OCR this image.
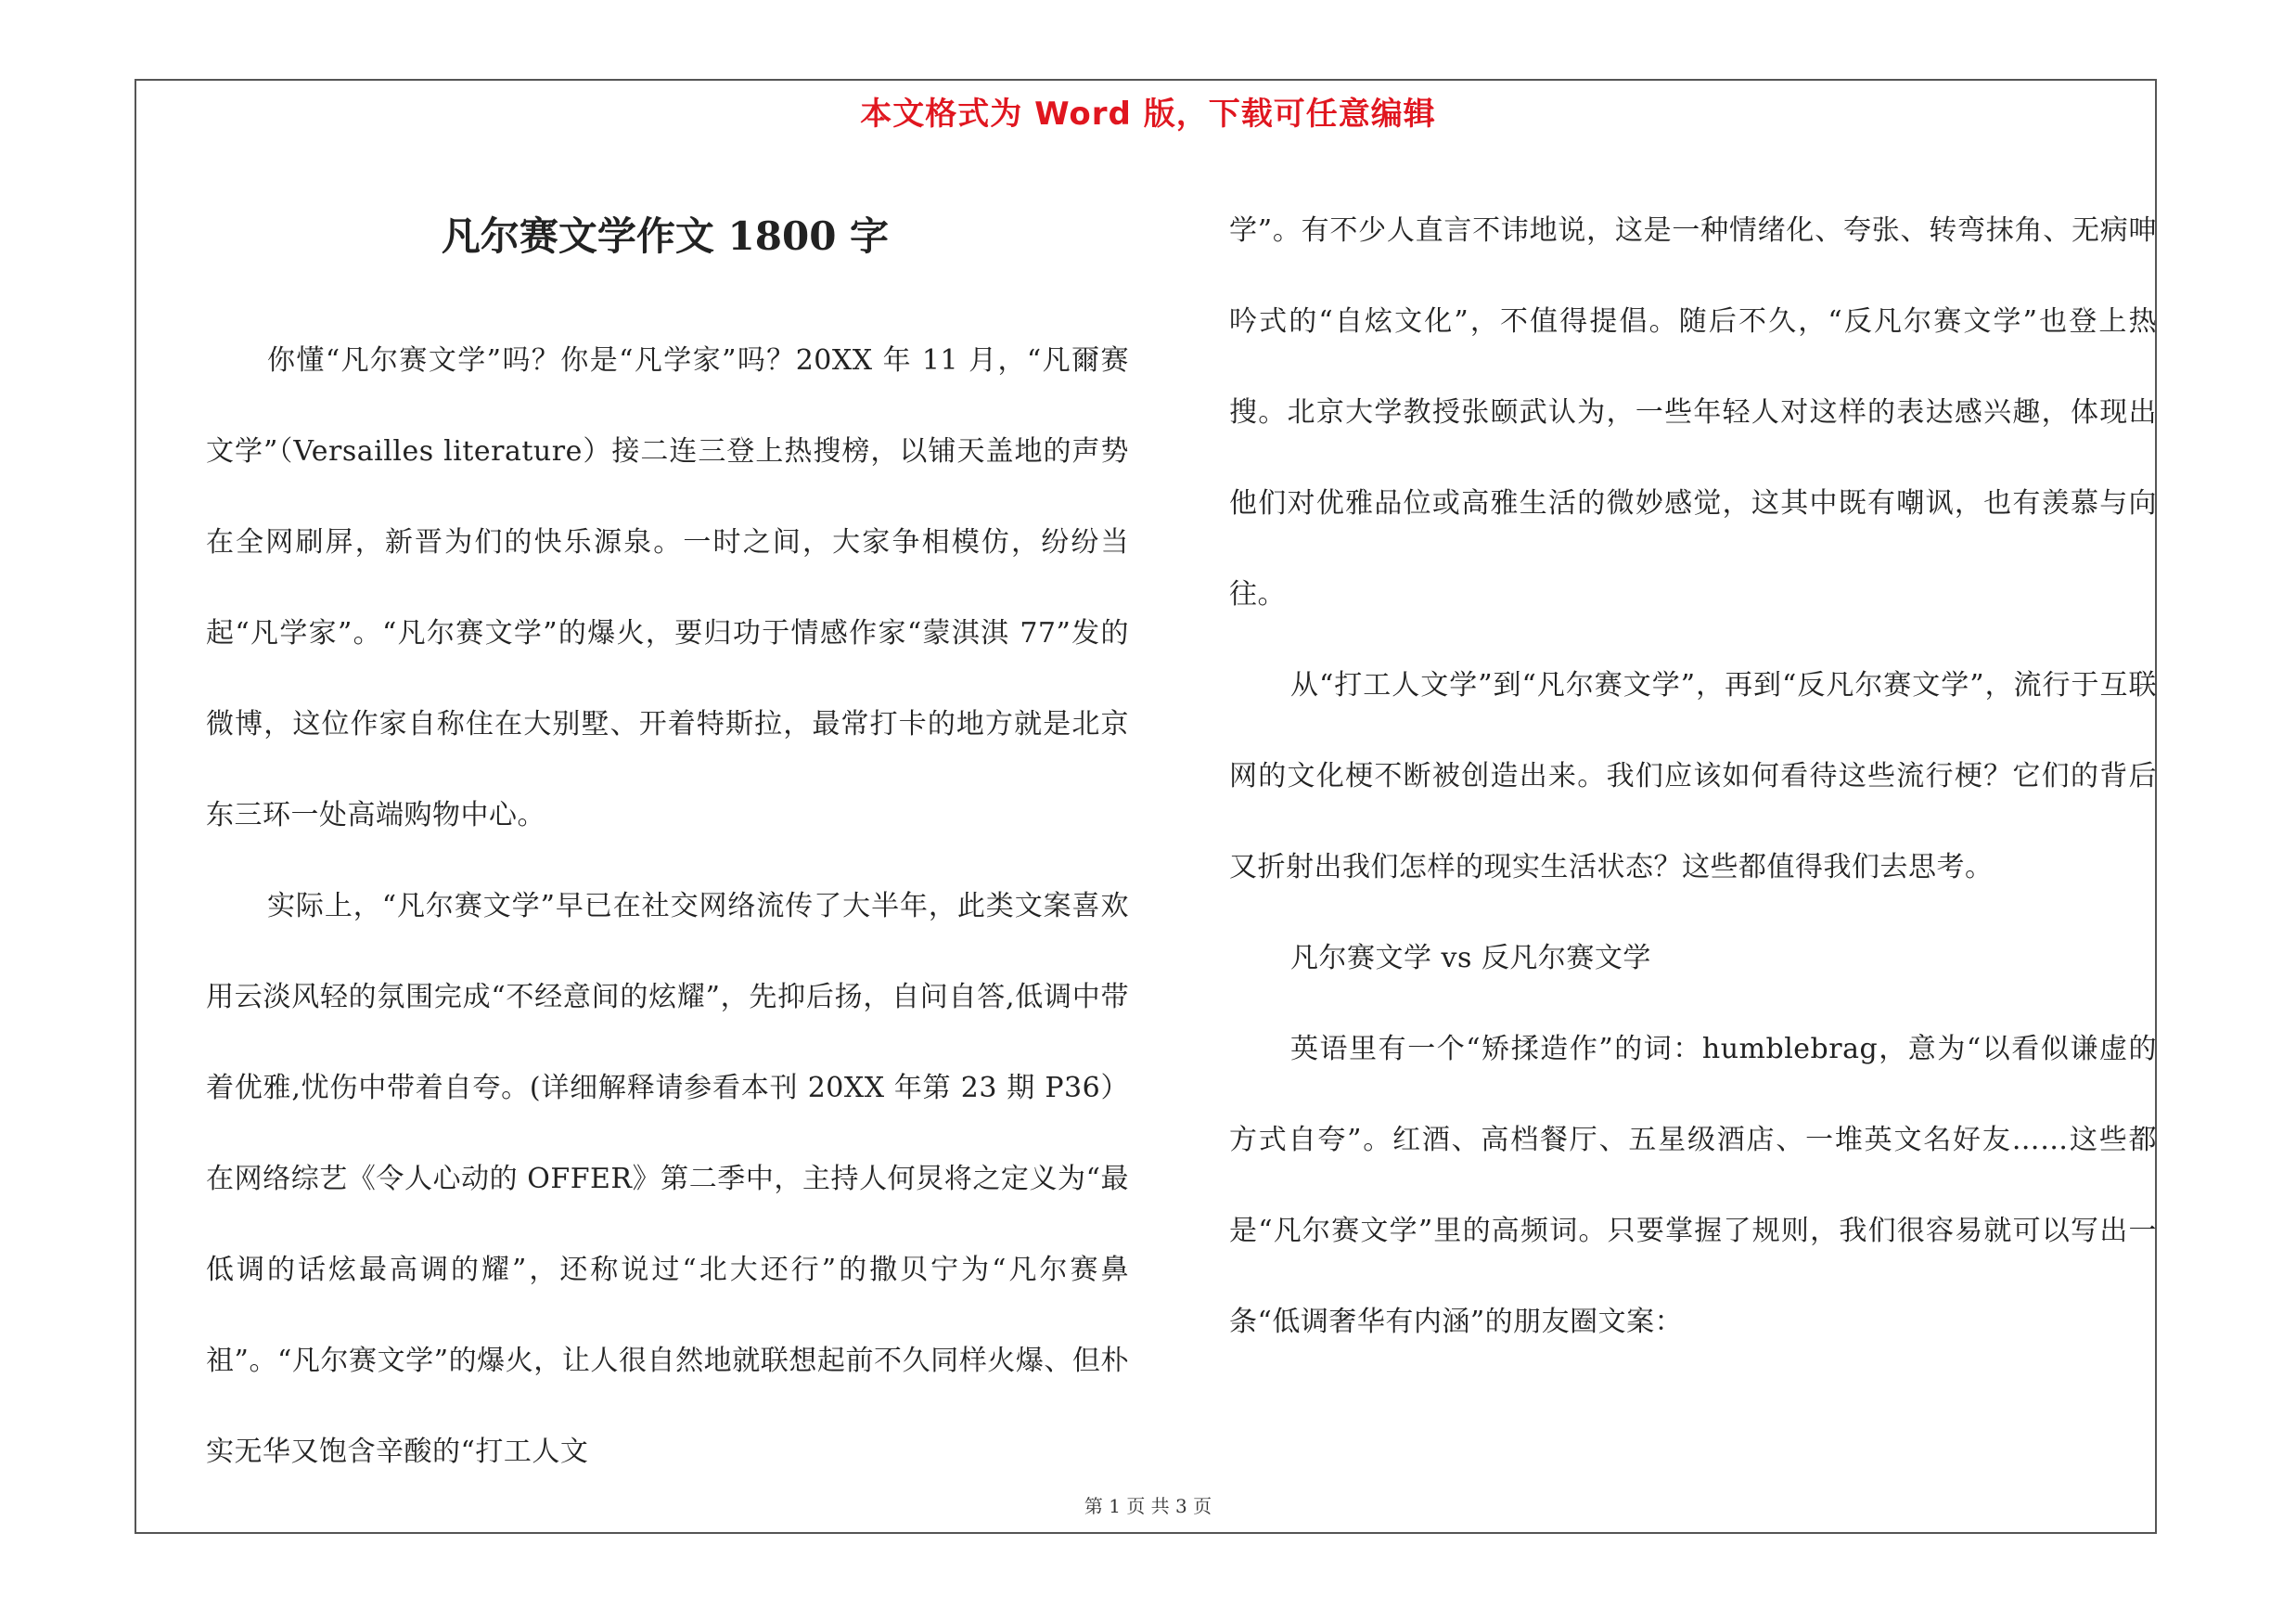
本文格式为 Word 版，下载可任意编辑
凡尔赛文学作文 1800 字

你懂“凡尔赛文学”吗？你是“凡学家”吗？20XX 年 11 月，“凡爾赛文学”（Versailles literature）接二连三登上热搜榜，以铺天盖地的声势在全网刷屏，新晋为们的快乐源泉。一时之间，大家争相模仿，纷纷当起“凡学家”。“凡尔赛文学”的爆火，要归功于情感作家“蒙淇淇 77”发的微博，这位作家自称住在大别墅、开着特斯拉，最常打卡的地方就是北京东三环一处高端购物中心。

实际上，“凡尔赛文学”早已在社交网络流传了大半年，此类文案喜欢用云淡风轻的氛围完成“不经意间的炫耀”，先抑后扬，自问自答,低调中带着优雅,忧伤中带着自夸。(详细解释请参看本刊 20XX 年第 23 期 P36）在网络综艺《令人心动的 OFFER》第二季中，主持人何炅将之定义为“最低调的话炫最高调的耀”，还称说过“北大还行”的撒贝宁为“凡尔赛鼻祖”。“凡尔赛文学”的爆火，让人很自然地就联想起前不久同样火爆、但朴实无华又饱含辛酸的“打工人文

学”。有不少人直言不讳地说，这是一种情绪化、夸张、转弯抹角、无病呻吟式的“自炫文化”，不值得提倡。随后不久，“反凡尔赛文学”也登上热搜。北京大学教授张颐武认为，一些年轻人对这样的表达感兴趣，体现出他们对优雅品位或高雅生活的微妙感觉，这其中既有嘲讽，也有羡慕与向往。

从“打工人文学”到“凡尔赛文学”，再到“反凡尔赛文学”，流行于互联网的文化梗不断被创造出来。我们应该如何看待这些流行梗？它们的背后又折射出我们怎样的现实生活状态？这些都值得我们去思考。

凡尔赛文学 vs 反凡尔赛文学

英语里有一个“矫揉造作”的词：humblebrag，意为“以看似谦虚的方式自夸”。红酒、高档餐厅、五星级酒店、一堆英文名好友……这些都是“凡尔赛文学”里的高频词。只要掌握了规则，我们很容易就可以写出一条“低调奢华有内涵”的朋友圈文案：

第 1 页 共 3 页
